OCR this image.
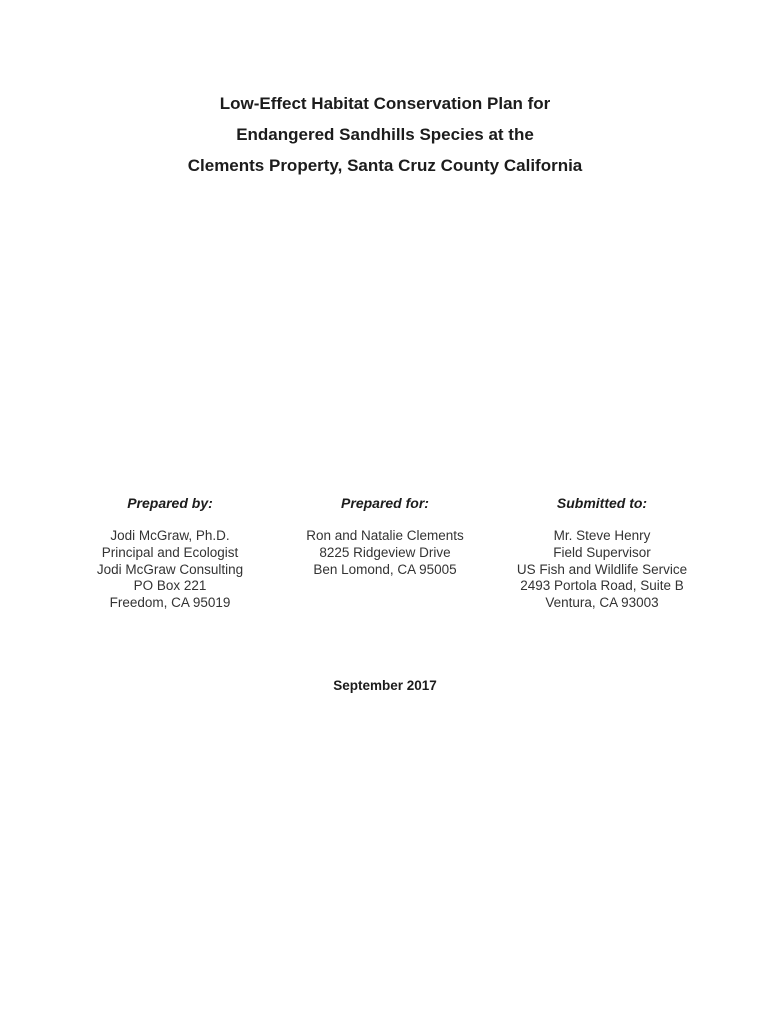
Low-Effect Habitat Conservation Plan for
Endangered Sandhills Species at the
Clements Property, Santa Cruz County California
Prepared by:
Jodi McGraw, Ph.D.
Principal and Ecologist
Jodi McGraw Consulting
PO Box 221
Freedom, CA 95019
Prepared for:
Ron and Natalie Clements
8225 Ridgeview Drive
Ben Lomond, CA 95005
Submitted to:
Mr. Steve Henry
Field Supervisor
US Fish and Wildlife Service
2493 Portola Road, Suite B
Ventura, CA 93003
September 2017
